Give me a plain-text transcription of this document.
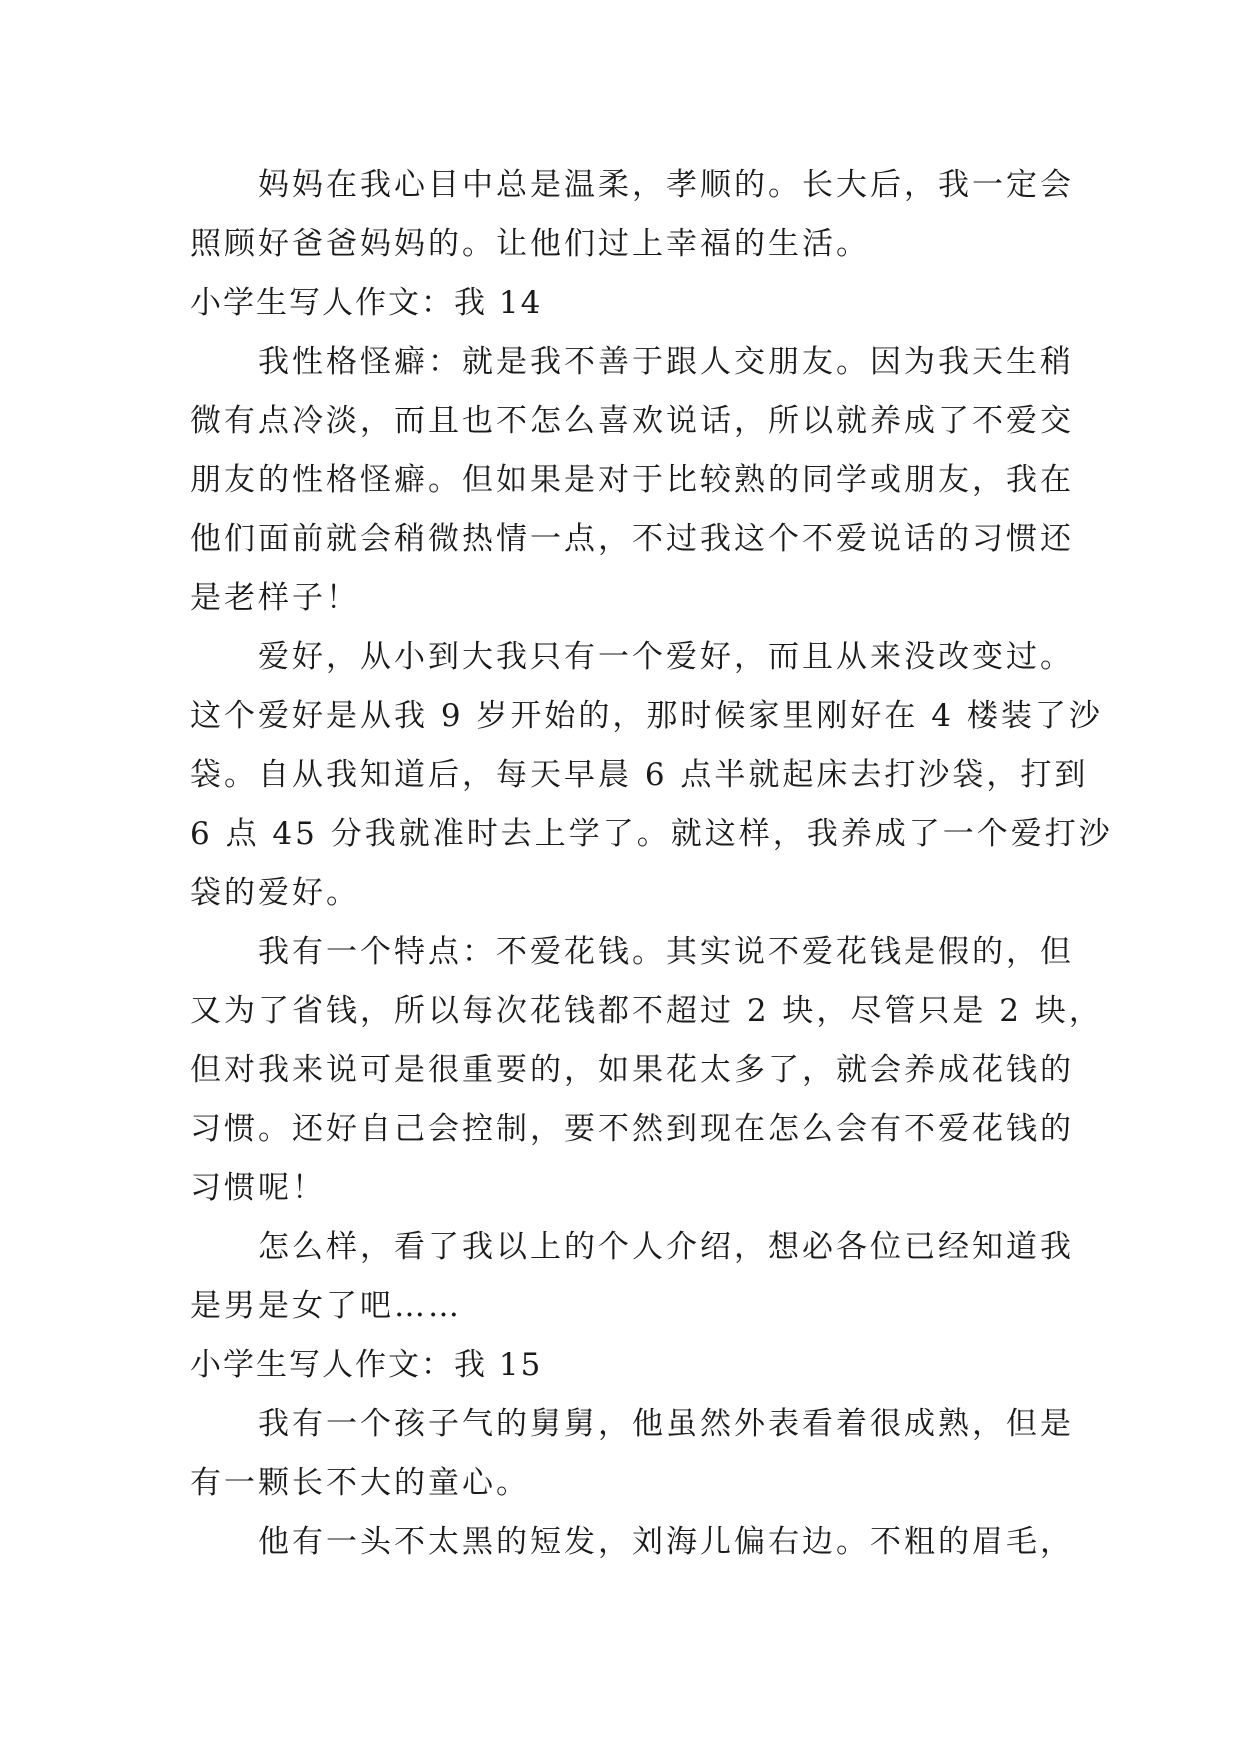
妈妈在我心目中总是温柔，孝顺的。长大后，我一定会
照顾好爸爸妈妈的。让他们过上幸福的生活。
小学生写人作文：我 14
我性格怪癖：就是我不善于跟人交朋友。因为我天生稍
微有点冷淡，而且也不怎么喜欢说话，所以就养成了不爱交
朋友的性格怪癖。但如果是对于比较熟的同学或朋友，我在
他们面前就会稍微热情一点，不过我这个不爱说话的习惯还
是老样子！
爱好，从小到大我只有一个爱好，而且从来没改变过。
这个爱好是从我 9 岁开始的，那时候家里刚好在 4 楼装了沙
袋。自从我知道后，每天早晨 6 点半就起床去打沙袋，打到
6 点 45 分我就准时去上学了。就这样，我养成了一个爱打沙
袋的爱好。
我有一个特点：不爱花钱。其实说不爱花钱是假的，但
又为了省钱，所以每次花钱都不超过 2 块，尽管只是 2 块，
但对我来说可是很重要的，如果花太多了，就会养成花钱的
习惯。还好自己会控制，要不然到现在怎么会有不爱花钱的
习惯呢！
怎么样，看了我以上的个人介绍，想必各位已经知道我
是男是女了吧……
小学生写人作文：我 15
我有一个孩子气的舅舅，他虽然外表看着很成熟，但是
有一颗长不大的童心。
他有一头不太黑的短发，刘海儿偏右边。不粗的眉毛，
